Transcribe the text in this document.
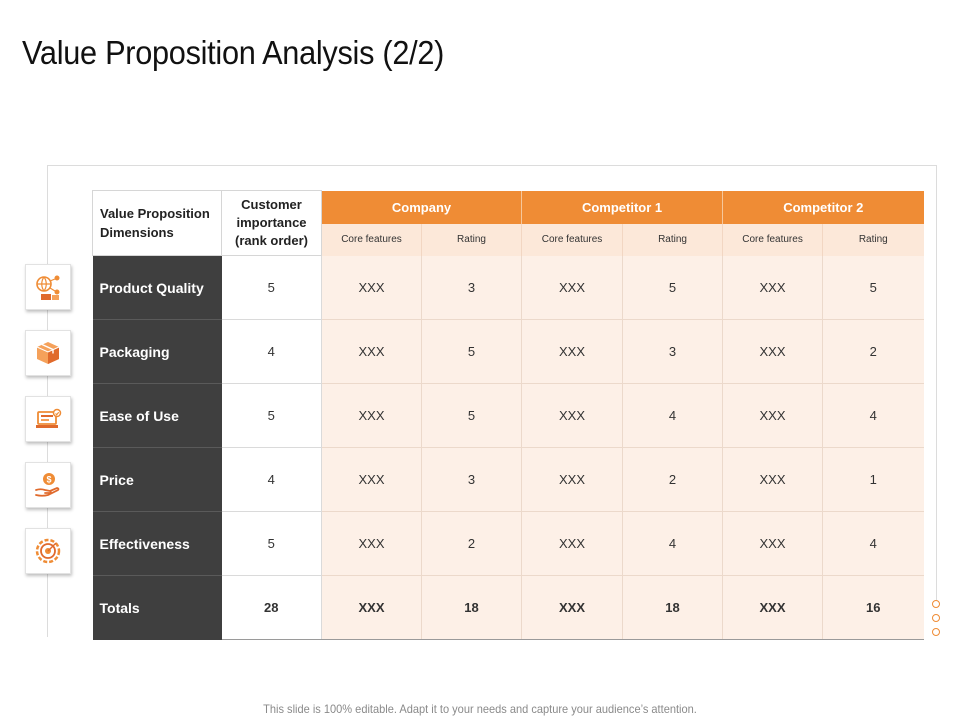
Value Proposition Analysis (2/2)
$
Value Proposition
Dimensions	Customer
importance
(rank order)	Company		Competitor 1		Competitor 2	
		Core features	Rating	Core features	Rating	Core features	Rating
Product Quality	5	XXX	3	XXX	5	XXX	5
Packaging	4	XXX	5	XXX	3	XXX	2
Ease of Use	5	XXX	5	XXX	4	XXX	4
Price	4	XXX	3	XXX	2	XXX	1
Effectiveness	5	XXX	2	XXX	4	XXX	4
Totals	28	XXX	18	XXX	18	XXX	16
This slide is 100% editable. Adapt it to your needs and capture your audience’s attention.
